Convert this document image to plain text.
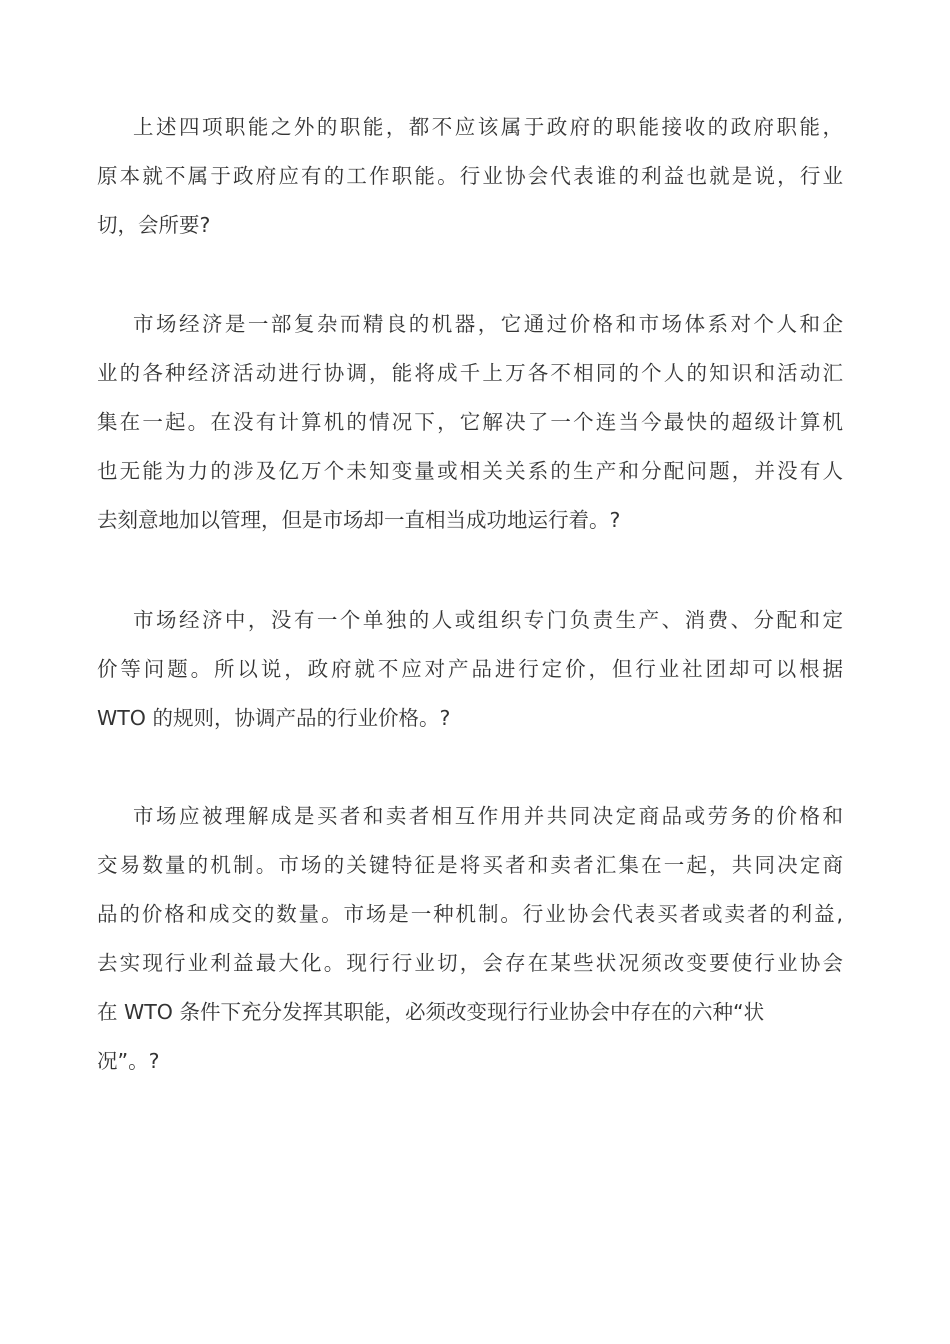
上述四项职能之外的职能，都不应该属于政府的职能接收的政府职能，
原本就不属于政府应有的工作职能。行业协会代表谁的利益也就是说，行业
切，会所要?

市场经济是一部复杂而精良的机器，它通过价格和市场体系对个人和企
业的各种经济活动进行协调，能将成千上万各不相同的个人的知识和活动汇
集在一起。在没有计算机的情况下，它解决了一个连当今最快的超级计算机
也无能为力的涉及亿万个未知变量或相关关系的生产和分配问题，并没有人
去刻意地加以管理，但是市场却一直相当成功地运行着。?

市场经济中，没有一个单独的人或组织专门负责生产、消费、分配和定
价等问题。所以说，政府就不应对产品进行定价，但行业社团却可以根据
WTO 的规则，协调产品的行业价格。?

市场应被理解成是买者和卖者相互作用并共同决定商品或劳务的价格和
交易数量的机制。市场的关键特征是将买者和卖者汇集在一起，共同决定商
品的价格和成交的数量。市场是一种机制。行业协会代表买者或卖者的利益,
去实现行业利益最大化。现行行业切，会存在某些状况须改变要使行业协会
在 WTO 条件下充分发挥其职能，必须改变现行行业协会中存在的六种“状
况”。?
